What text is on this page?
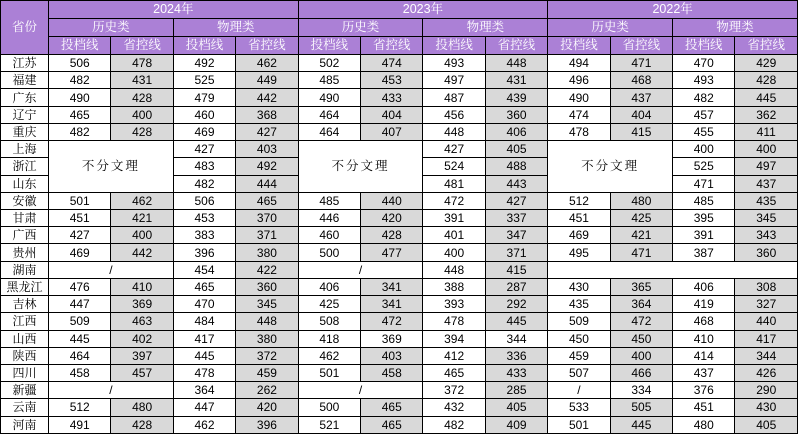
省份	2024年				2023年				2022年			
	历史类		物理类		历史类		物理类		历史类		物理类	
	投档线	省控线	投档线	省控线	投档线	省控线	投档线	省控线	投档线	省控线	投档线	省控线
江苏	506	478	492	462	502	474	493	448	494	471	470	429
福建	482	431	525	449	485	453	497	431	496	468	493	428
广东	490	428	479	442	490	433	487	439	490	437	482	445
辽宁	465	400	460	368	464	404	456	360	474	404	457	362
重庆	482	428	469	427	464	407	448	406	478	415	455	411
上海	不分文理		427	403	不分文理		427	405	不分文理		400	400
浙江			483	492			524	488			525	497
山东			482	444			481	443			471	437
安徽	501	462	506	465	485	440	472	427	512	480	485	435
甘肃	451	421	453	370	446	420	391	337	451	425	395	345
广西	427	400	383	371	460	428	401	347	469	421	391	343
贵州	469	442	396	380	500	477	400	371	495	471	387	360
湖南	/		454	422	/		448	415				
黑龙江	476	410	465	360	406	341	388	287	430	365	406	308
吉林	447	369	470	345	425	341	393	292	435	364	419	327
江西	509	463	484	448	508	472	478	445	509	472	468	440
山西	445	402	417	380	418	369	394	344	450	450	410	417
陕西	464	397	445	372	462	403	412	336	459	400	414	344
四川	458	457	478	459	501	458	465	433	507	466	437	426
新疆	/		364	262	/		372	285	/	334	376	290
云南	512	480	447	420	500	465	432	405	533	505	451	430
河南	491	428	462	396	521	465	482	409	501	445	480	405
